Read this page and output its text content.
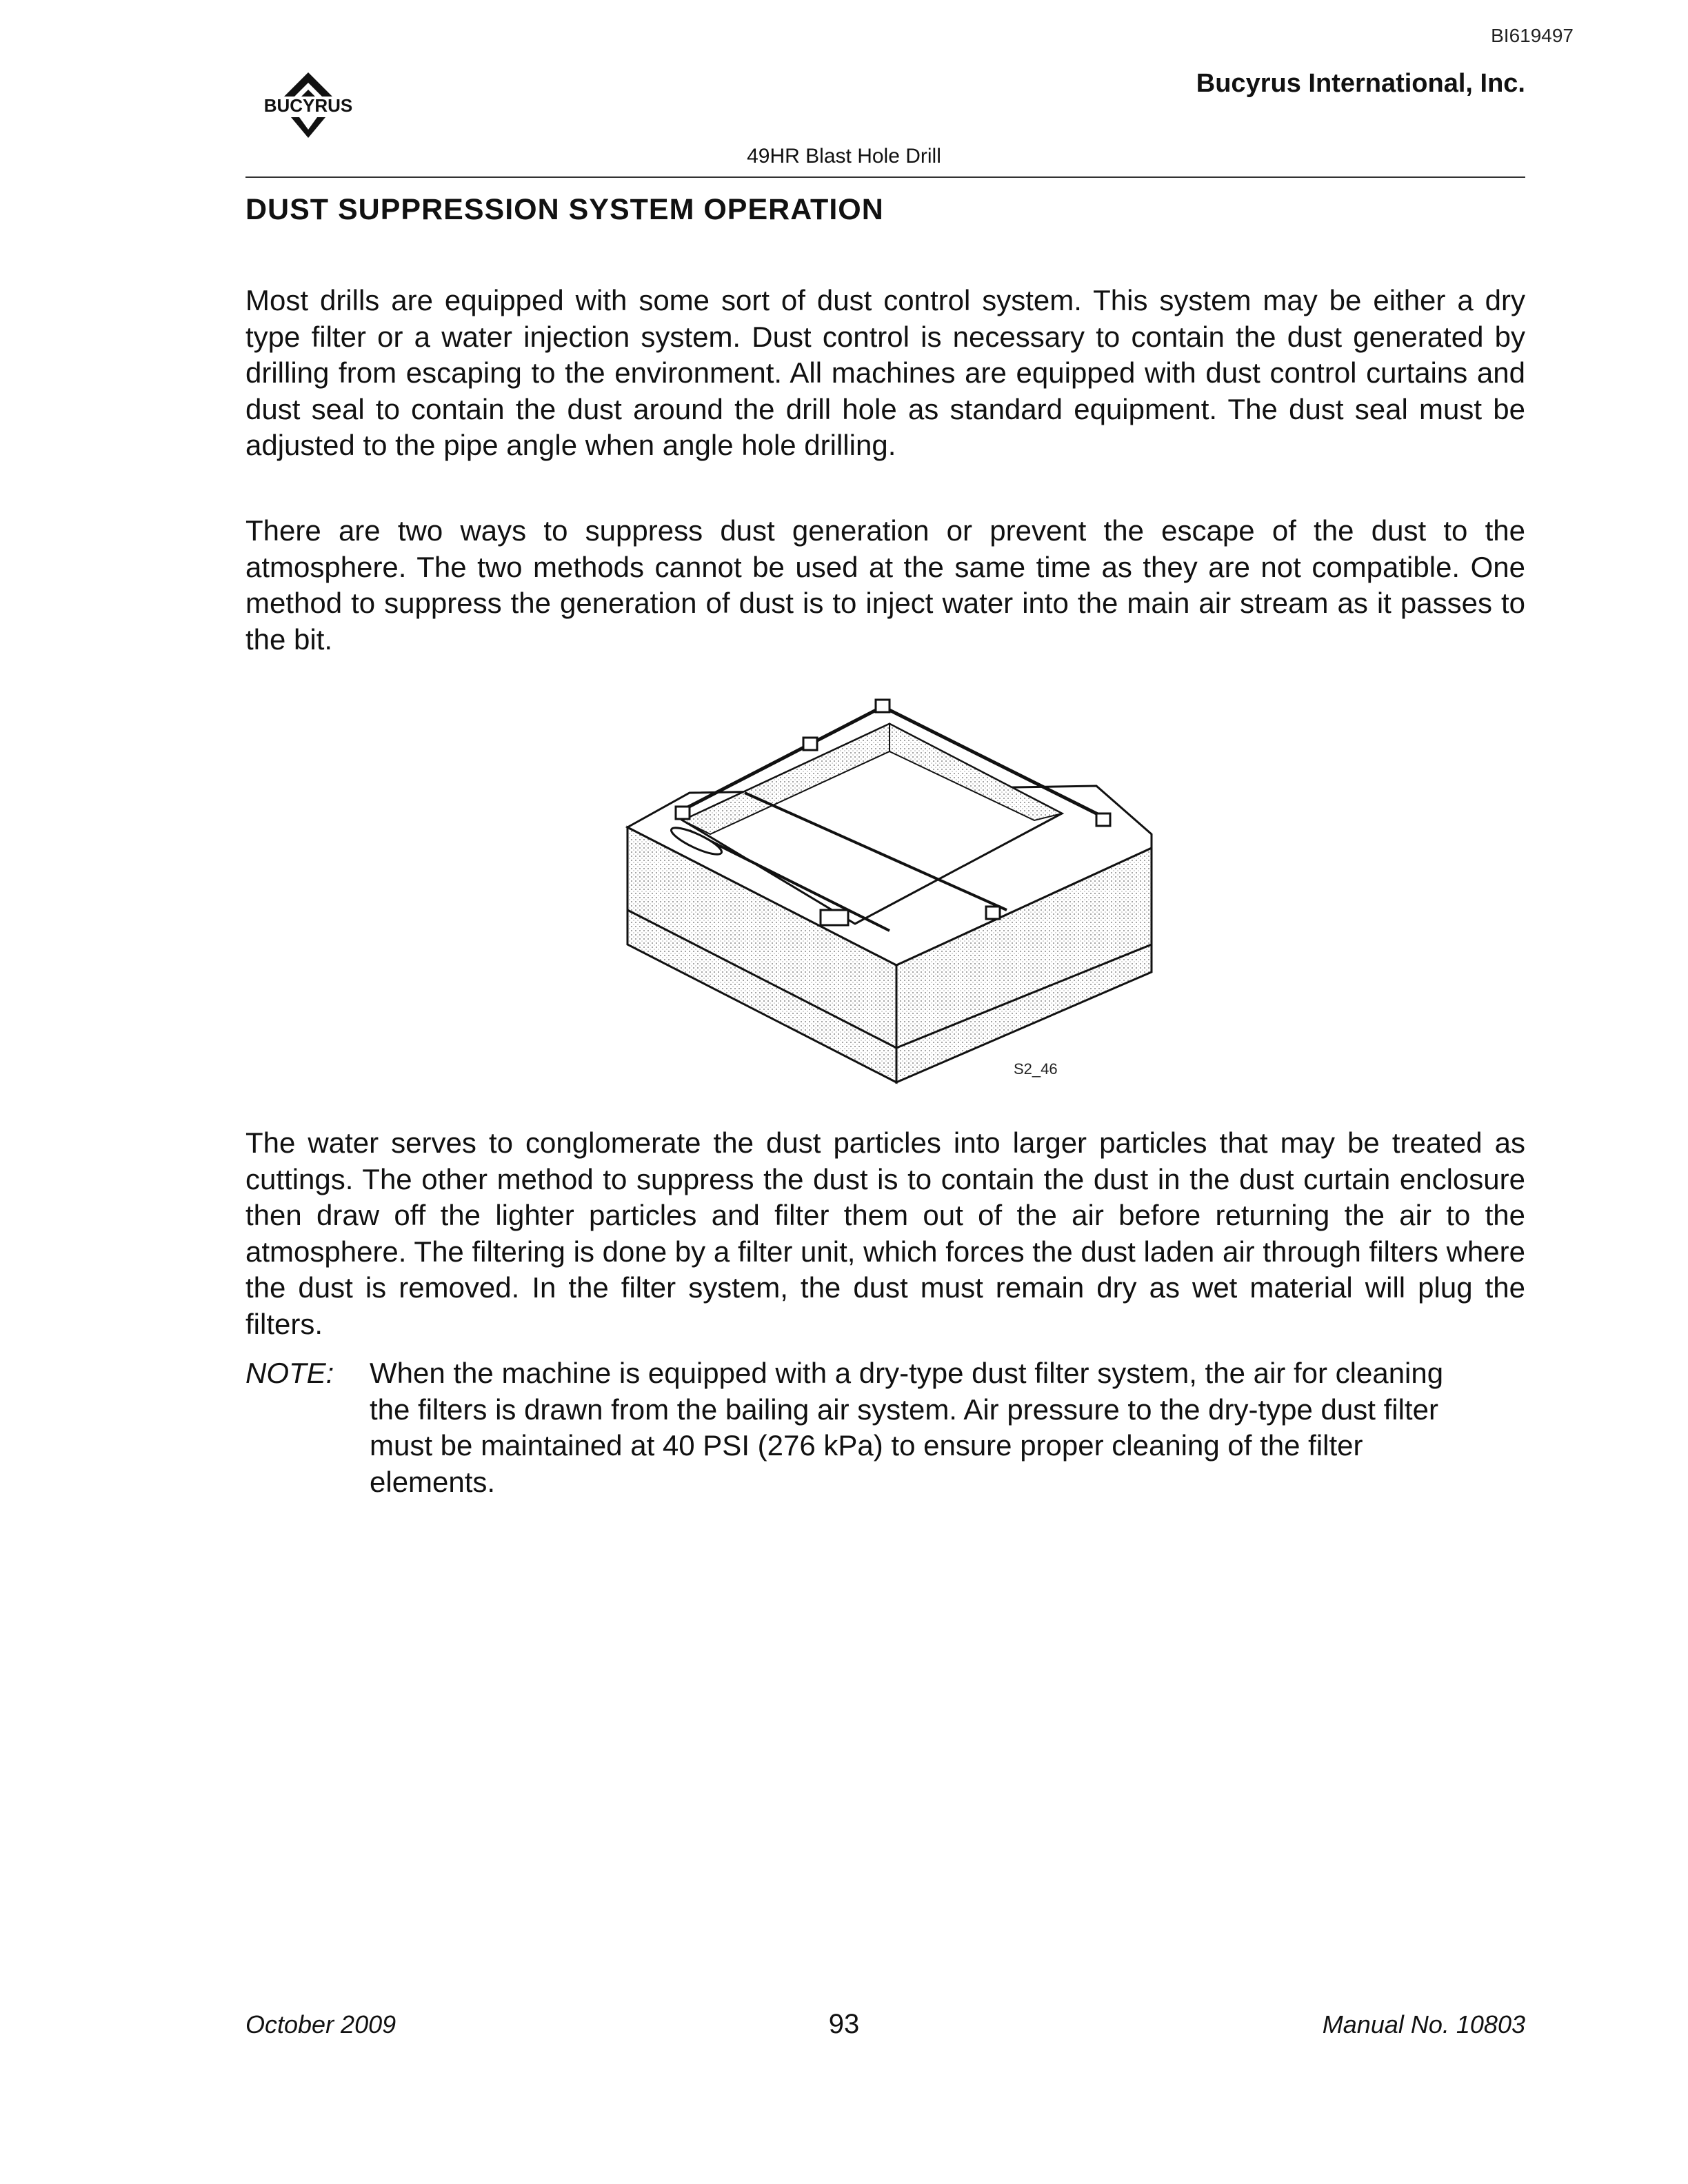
BI619497
BUCYRUS
Bucyrus International, Inc.
49HR Blast Hole Drill
DUST SUPPRESSION SYSTEM OPERATION

Most drills are equipped with some sort of dust control system. This system may be either a dry type filter or a water injection system. Dust control is necessary to contain the dust generated by drilling from escaping to the environment. All machines are equipped with dust control curtains and dust seal to contain the dust around the drill hole as standard equipment. The dust seal must be adjusted to the pipe angle when angle hole drilling.

There are two ways to suppress dust generation or prevent the escape of the dust to the atmosphere. The two methods cannot be used at the same time as they are not compatible. One method to suppress the generation of dust is to inject water into the main air stream as it passes to the bit.

S2_46

The water serves to conglomerate the dust particles into larger particles that may be treated as cuttings. The other method to suppress the dust is to contain the dust in the dust curtain enclosure then draw off the lighter particles and filter them out of the air before returning the air to the atmosphere. The filtering is done by a filter unit, which forces the dust laden air through filters where the dust is removed. In the filter system, the dust must remain dry as wet material will plug the filters.

NOTE: When the machine is equipped with a dry-type dust filter system, the air for cleaning the filters is drawn from the bailing air system. Air pressure to the dry-type dust filter must be maintained at 40 PSI (276 kPa) to ensure proper cleaning of the filter elements.

October 2009	93	Manual No. 10803
